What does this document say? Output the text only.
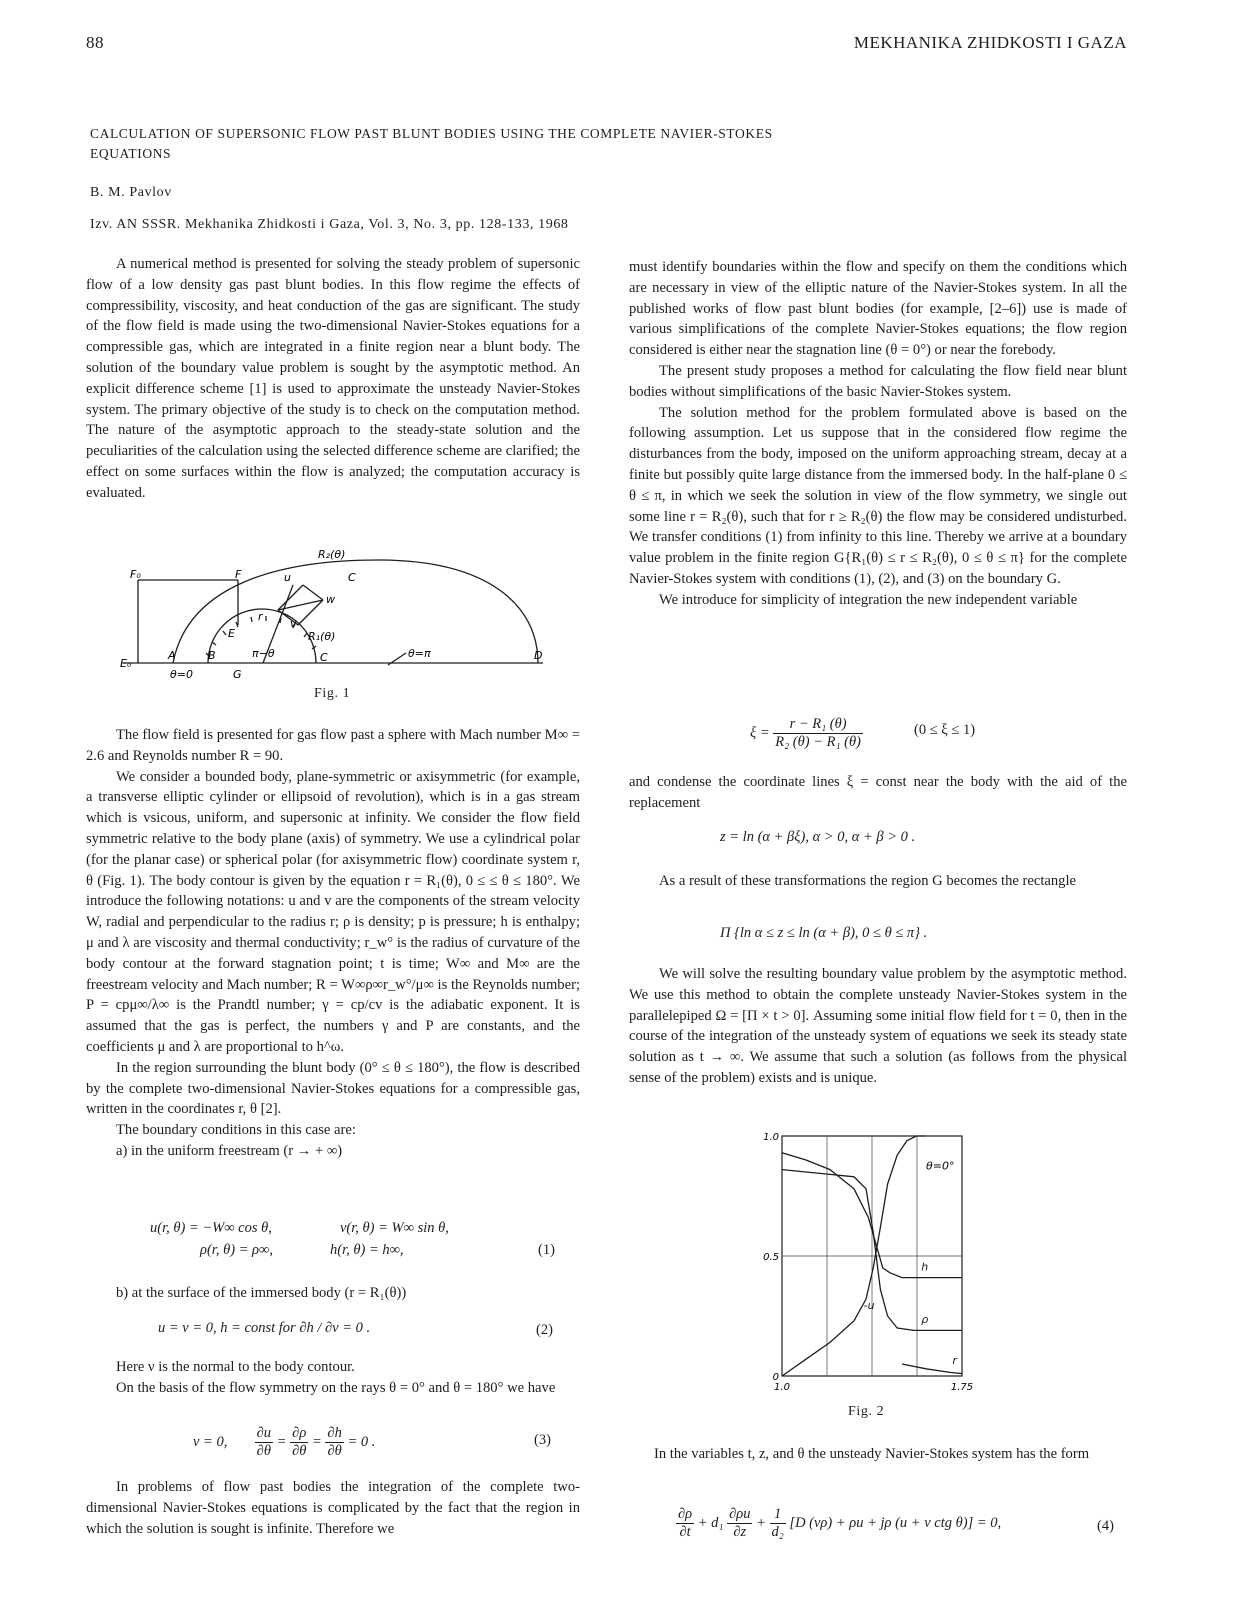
88	MEKHANIKA ZHIDKOSTI I GAZA
CALCULATION OF SUPERSONIC FLOW PAST BLUNT BODIES USING THE COMPLETE NAVIER-STOKES
EQUATIONS
B. M. Pavlov
Izv. AN SSSR. Mekhanika Zhidkosti i Gaza, Vol. 3, No. 3, pp. 128-133, 1968

A numerical method is presented for solving the steady problem of supersonic flow of a low density gas past blunt bodies. In this flow regime the effects of compressibility, viscosity, and heat conduction of the gas are significant. The study of the flow field is made using the two-dimensional Navier-Stokes equations for a compressible gas, which are integrated in a finite region near a blunt body. The solution of the boundary value problem is sought by the asymptotic method. An explicit difference scheme [1] is used to approximate the unsteady Navier-Stokes system. The primary objective of the study is to check on the computation method. The nature of the asymptotic approach to the steady-state solution and the peculiarities of the calculation using the selected difference scheme are clarified; the effect on some surfaces within the flow is analyzed; the computation accuracy is evaluated.

R₂(θ)
F₀	F	u	C
w
r
v
R₁(θ)
E
π−θ	θ=π
E₀
A	B	D
θ=0	G
C
Fig. 1

The flow field is presented for gas flow past a sphere with Mach number M∞ = 2.6 and Reynolds number R = 90.

We consider a bounded body, plane-symmetric or axisymmetric (for example, a transverse elliptic cylinder or ellipsoid of revolution), which is in a gas stream which is vsicous, uniform, and supersonic at infinity. We consider the flow field symmetric relative to the body plane (axis) of symmetry. We use a cylindrical polar (for the planar case) or spherical polar (for axisymmetric flow) coordinate system r, θ (Fig. 1). The body contour is given by the equation r = R₁(θ), 0 ≤ ≤ θ ≤ 180°. We introduce the following notations: u and v are the components of the stream velocity W, radial and perpendicular to the radius r; ρ is density; p is pressure; h is enthalpy; μ and λ are viscosity and thermal conductivity; r_w° is the radius of curvature of the body contour at the forward stagnation point; t is time; W∞ and M∞ are the freestream velocity and Mach number; R = W∞ρ∞r_w°/μ∞ is the Reynolds number; P = cpμ∞/λ∞ is the Prandtl number; γ = cp/cv is the adiabatic exponent. It is assumed that the gas is perfect, the numbers γ and P are constants, and the coefficients μ and λ are proportional to h^ω.

In the region surrounding the blunt body (0° ≤ θ ≤ 180°), the flow is described by the complete two-dimensional Navier-Stokes equations for a compressible gas, written in the coordinates r, θ [2].

The boundary conditions in this case are:

a) in the uniform freestream (r → + ∞)

u(r, θ) = −W∞ cos θ,	v(r, θ) = W∞ sin θ,
ρ(r, θ) = ρ∞,	h(r, θ) = h∞,	(1)

b) at the surface of the immersed body (r = R₁(θ))

u = v = 0, h = const for ∂h / ∂ν = 0 .	(2)

Here ν is the normal to the body contour.

On the basis of the flow symmetry on the rays θ = 0° and θ = 180° we have

v = 0, $\frac{\partial u}{\partial\theta} = \frac{\partial\rho}{\partial\theta} = \frac{\partial h}{\partial\theta} = 0$ .	(3)

In problems of flow past bodies the integration of the complete two-dimensional Navier-Stokes equations is complicated by the fact that the region in which the solution is sought is infinite. Therefore we

must identify boundaries within the flow and specify on them the conditions which are necessary in view of the elliptic nature of the Navier-Stokes system. In all the published works of flow past blunt bodies (for example, [2–6]) use is made of various simplifications of the complete Navier-Stokes equations; the flow region considered is either near the stagnation line (θ = 0°) or near the forebody.

The present study proposes a method for calculating the flow field near blunt bodies without simplifications of the basic Navier-Stokes system.

The solution method for the problem formulated above is based on the following assumption. Let us suppose that in the considered flow regime the disturbances from the body, imposed on the uniform approaching stream, decay at a finite but possibly quite large distance from the immersed body. In the half-plane 0 ≤ θ ≤ π, in which we seek the solution in view of the flow symmetry, we single out some line r = R₂(θ), such that for r ≥ R₂(θ) the flow may be considered undisturbed. We transfer conditions (1) from infinity to this line. Thereby we arrive at a boundary value problem in the finite region G{R₁(θ) ≤ r ≤ R₂(θ), 0 ≤ θ ≤ π} for the complete Navier-Stokes system with conditions (1), (2), and (3) on the boundary G.

We introduce for simplicity of integration the new independent variable

$\xi = \frac{\text{r − R₁ (θ)}}{\text{R₂ (θ) − R₁ (θ)}}$	(0 ≤ ξ ≤ 1)

and condense the coordinate lines ξ = const near the body with the aid of the replacement

z = ln (α + βξ), α > 0, α + β > 0 .

As a result of these transformations the region G becomes the rectangle

Π {ln α ≤ z ≤ ln (α + β), 0 ≤ θ ≤ π} .

We will solve the resulting boundary value problem by the asymptotic method. We use this method to obtain the complete unsteady Navier-Stokes system in the parallelepiped Ω = [Π × t > 0]. Assuming some initial flow field for t = 0, then in the course of the integration of the unsteady system of equations we seek its steady state solution as t → ∞. We assume that such a solution (as follows from the physical sense of the problem) exists and is unique.

h
ρ
-u
r
0
0.5
1.0
1.0	1.75
θ=0°
Fig. 2

In the variables t, z, and θ the unsteady Navier-Stokes system has the form

$\frac{\partial\rho}{\partial t} + d_1 \frac{\partial\rho u}{\partial z} + \frac{1}{\text{d₂}} [D$ (vρ) + ρu + jρ (u + v ctg θ)] = 0,	(4)
